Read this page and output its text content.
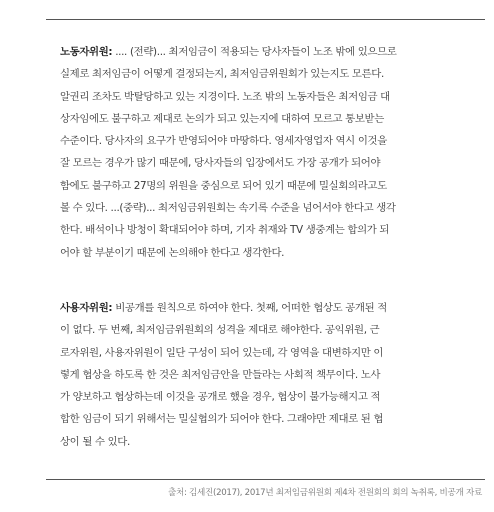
노동자위원: .... (전략)... 최저임금이 적용되는 당사자들이 노조 밖에 있으므로
실제로 최저임금이 어떻게 결정되는지, 최저임금위원회가 있는지도 모른다.
알권리 조차도 박탈당하고 있는 지경이다. 노조 밖의 노동자들은 최저임금 대
상자임에도 불구하고 제대로 논의가 되고 있는지에 대하여 모르고 통보받는
수준이다. 당사자의 요구가 반영되어야 마땅하다. 영세자영업자 역시 이것을
잘 모르는 경우가 많기 때문에, 당사자들의 입장에서도 가장 공개가 되어야
함에도 불구하고 27명의 위원을 중심으로 되어 있기 때문에 밀실회의라고도
볼 수 있다. ...(중략)... 최저임금위원회는 속기록 수준을 넘어서야 한다고 생각
한다. 배석이나 방청이 확대되어야 하며, 기자 취재와 TV 생중계는 합의가 되
어야 할 부분이기 때문에 논의해야 한다고 생각한다.
사용자위원: 비공개를 원칙으로 하여야 한다. 첫째, 어떠한 협상도 공개된 적
이 없다. 두 번째, 최저임금위원회의 성격을 제대로 해야한다. 공익위원, 근
로자위원, 사용자위원이 일단 구성이 되어 있는데, 각 영역을 대변하지만 이
렇게 협상을 하도록 한 것은 최저임금안을 만들라는 사회적 책무이다. 노사
가 양보하고 협상하는데 이것을 공개로 했을 경우, 협상이 불가능해지고 적
합한 임금이 되기 위해서는 밀실협의가 되어야 한다. 그래야만 제대로 된 협
상이 될 수 있다.
출처: 김세진(2017), 2017년 최저임금위원회 제4차 전원회의 회의 녹취록, 비공개 자료
